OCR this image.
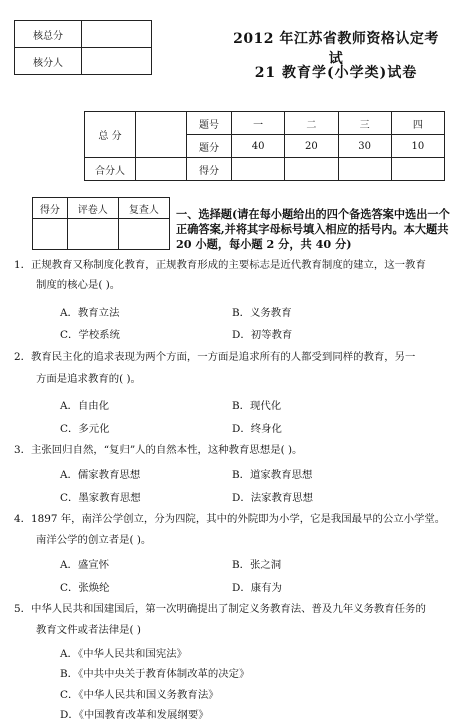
核总分	
核分人	
2012 年江苏省教师资格认定考试
21 教育学(小学类)试卷
总 分		题号	一	二	三	四
		题分	40	20	30	10
合分人		得分				
得分	评卷人	复查人
		一、选择题(请在每小题给出的四个备选答案中选出一个正确答案,并将其字母标号填入相应的括号内。本大题共 20 小题，每小题 2 分，共 40 分)
1．正规教育又称制度化教育，正规教育形成的主要标志是近代教育制度的建立，这一教育
制度的核心是( )。
A．教育立法	B．义务教育
C．学校系统	D．初等教育
2．教育民主化的追求表现为两个方面，一方面是追求所有的人都受到同样的教育，另一
方面是追求教育的( )。
A．自由化	B．现代化
C．多元化	D．终身化
3．主张回归自然，“复归”人的自然本性，这种教育思想是( )。
A．儒家教育思想	B．道家教育思想
C．墨家教育思想	D．法家教育思想
4．1897 年，南洋公学创立，分为四院，其中的外院即为小学，它是我国最早的公立小学堂。
南洋公学的创立者是( )。
A．盛宣怀	B．张之洞
C．张焕纶	D．康有为
5．中华人民共和国建国后，第一次明确提出了制定义务教育法、普及九年义务教育任务的
教育文件或者法律是( )
A．《中华人民共和国宪法》
B．《中共中央关于教育体制改革的决定》
C．《中华人民共和国义务教育法》
D．《中国教育改革和发展纲要》
